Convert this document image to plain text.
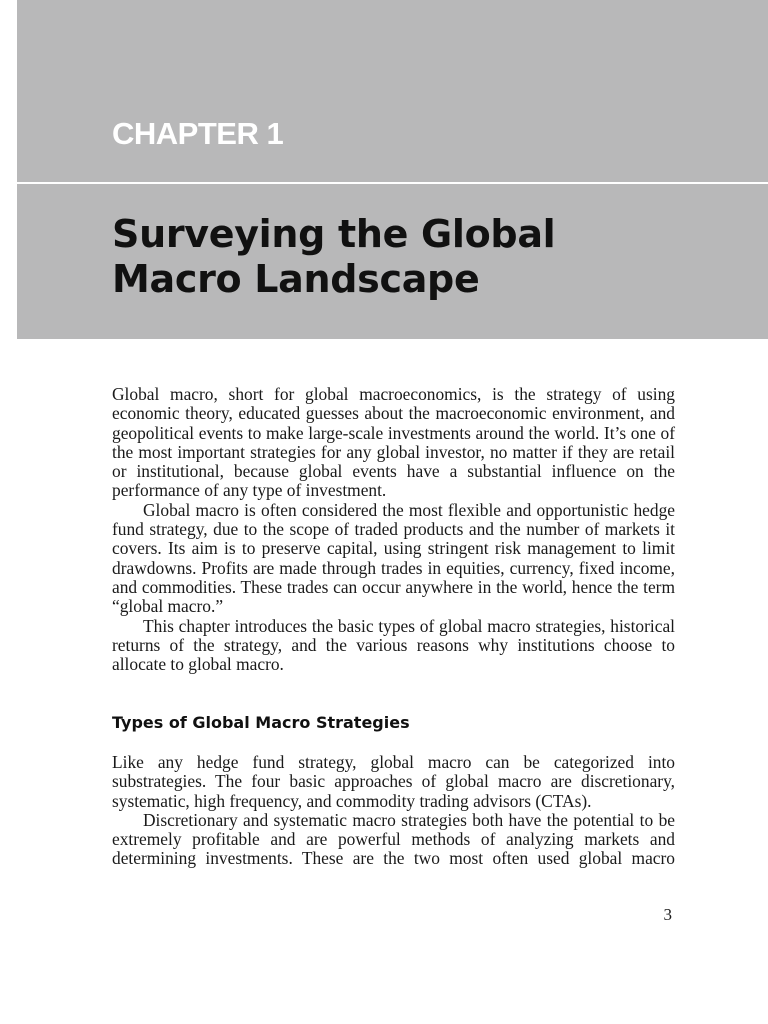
CHAPTER 1
Surveying the Global
Macro Landscape

Global macro, short for global macroeconomics, is the strategy of using economic theory, educated guesses about the macroeconomic environment, and geopolitical events to make large-scale investments around the world. It’s one of the most important strategies for any global investor, no matter if they are retail or institutional, because global events have a substantial influence on the performance of any type of investment.

Global macro is often considered the most flexible and opportunistic hedge fund strategy, due to the scope of traded products and the number of markets it covers. Its aim is to preserve capital, using stringent risk management to limit drawdowns. Profits are made through trades in equities, currency, fixed income, and commodities. These trades can occur anywhere in the world, hence the term “global macro.”

This chapter introduces the basic types of global macro strategies, historical returns of the strategy, and the various reasons why institutions choose to allocate to global macro.

Types of Global Macro Strategies

Like any hedge fund strategy, global macro can be categorized into substrategies. The four basic approaches of global macro are discretionary, systematic, high frequency, and commodity trading advisors (CTAs).

Discretionary and systematic macro strategies both have the potential to be extremely profitable and are powerful methods of analyzing markets and determining investments. These are the two most often used global macro

3
